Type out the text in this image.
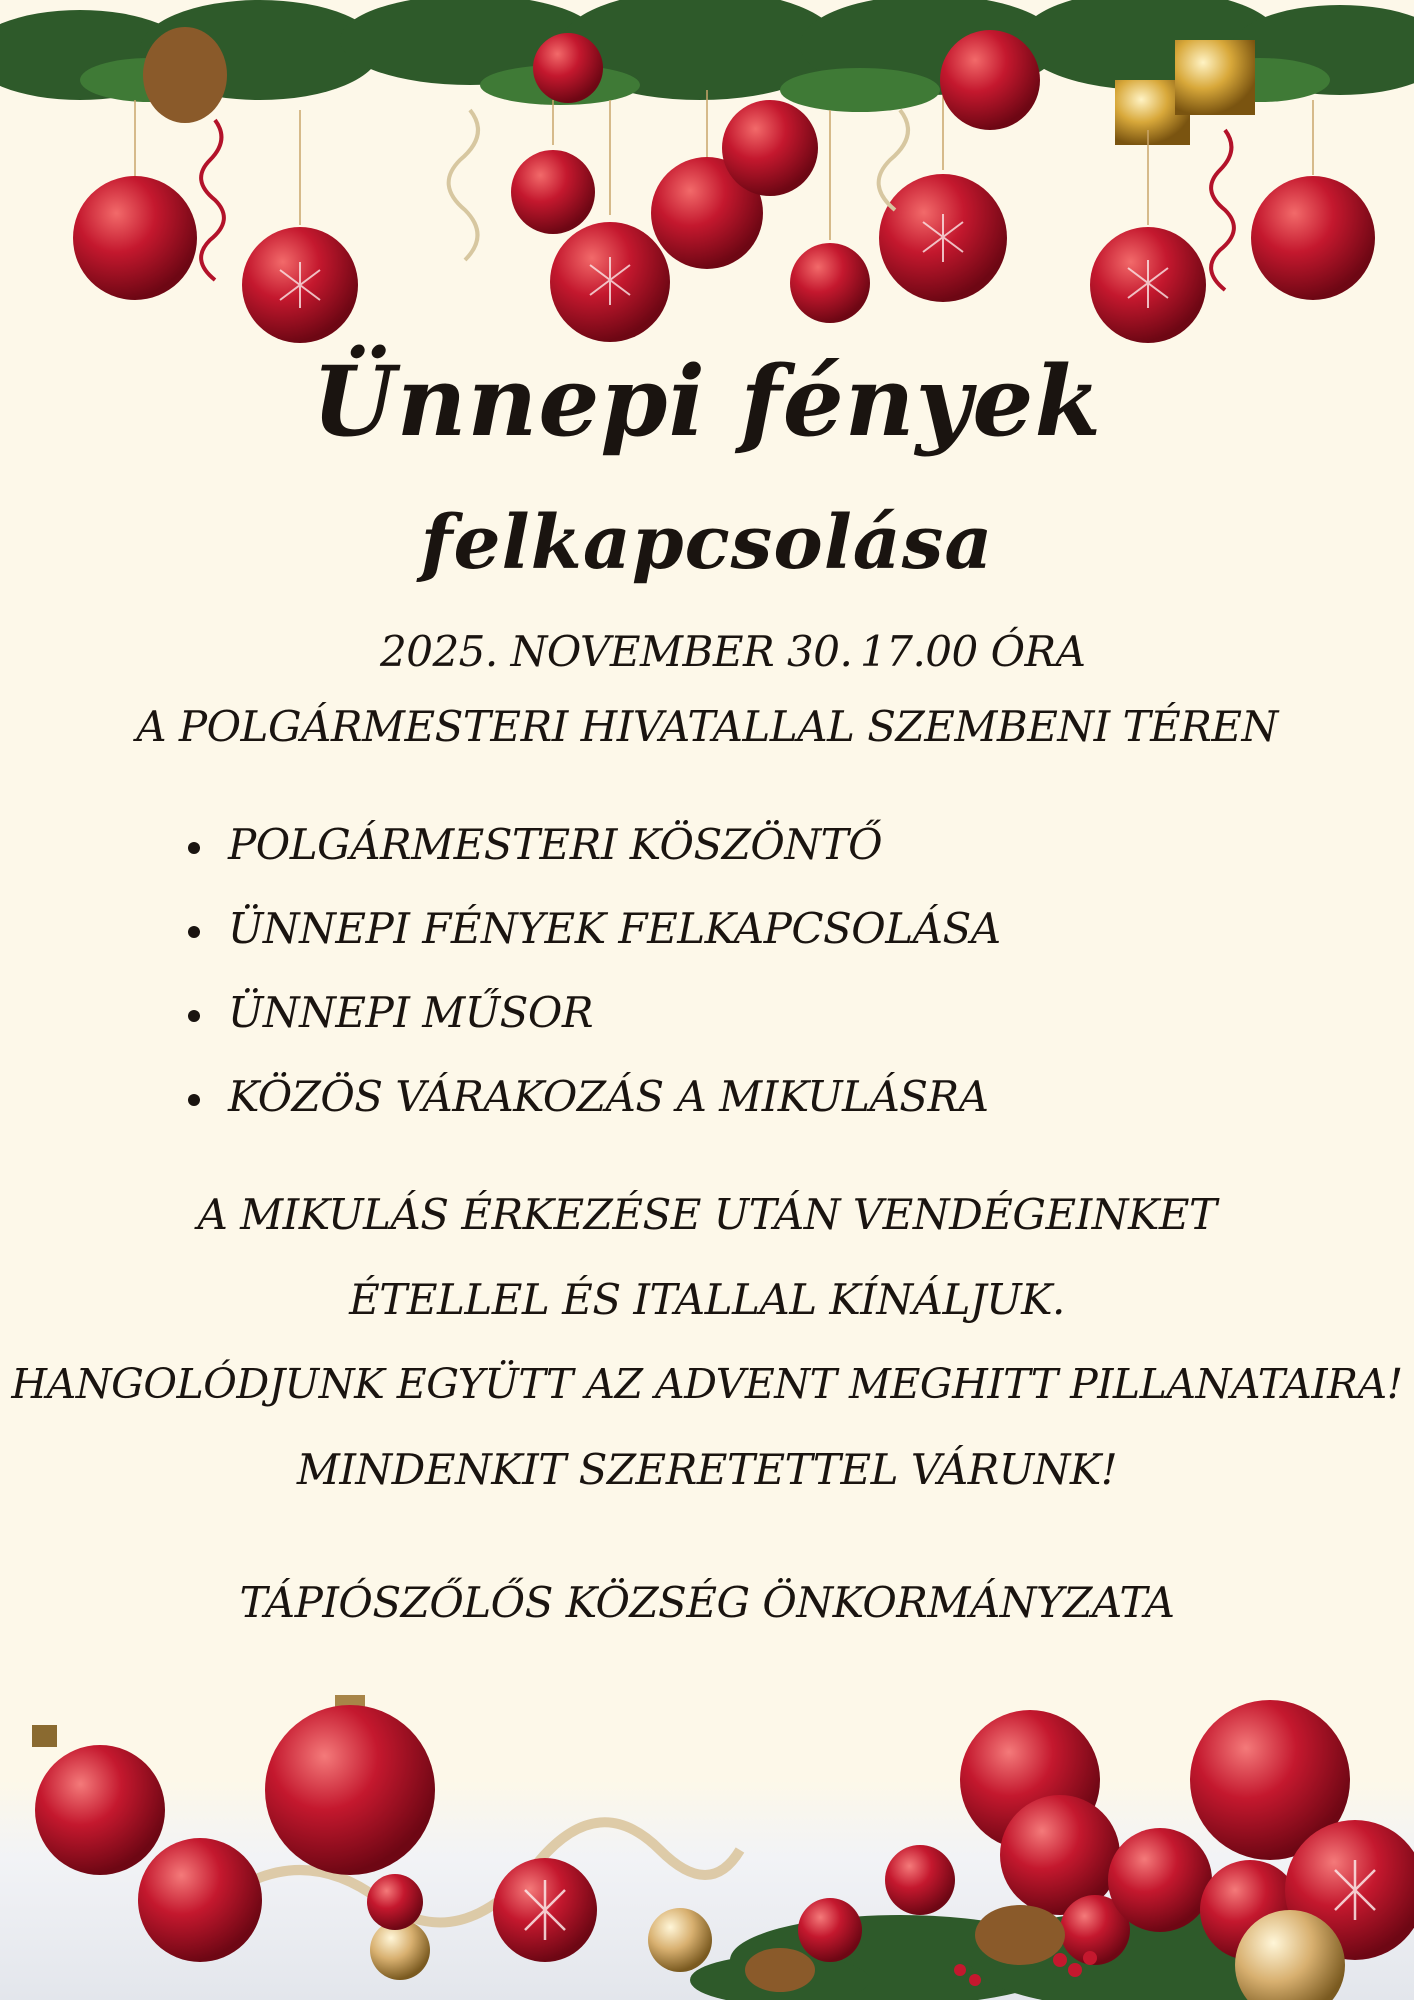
Ünnepi fények
felkapcsolása
2025. NOVEMBER 30. 17.00 ÓRA
A POLGÁRMESTERI HIVATALLAL SZEMBENI TÉREN
POLGÁRMESTERI KÖSZÖNTŐ
ÜNNEPI FÉNYEK FELKAPCSOLÁSA
ÜNNEPI MŰSOR
KÖZÖS VÁRAKOZÁS A MIKULÁSRA
A MIKULÁS ÉRKEZÉSE UTÁN VENDÉGEINKET
ÉTELLEL ÉS ITALLAL KÍNÁLJUK.
HANGOLÓDJUNK EGYÜTT AZ ADVENT MEGHITT PILLANATAIRA!
MINDENKIT SZERETETTEL VÁRUNK!
TÁPIÓSZŐLŐS KÖZSÉG ÖNKORMÁNYZATA
